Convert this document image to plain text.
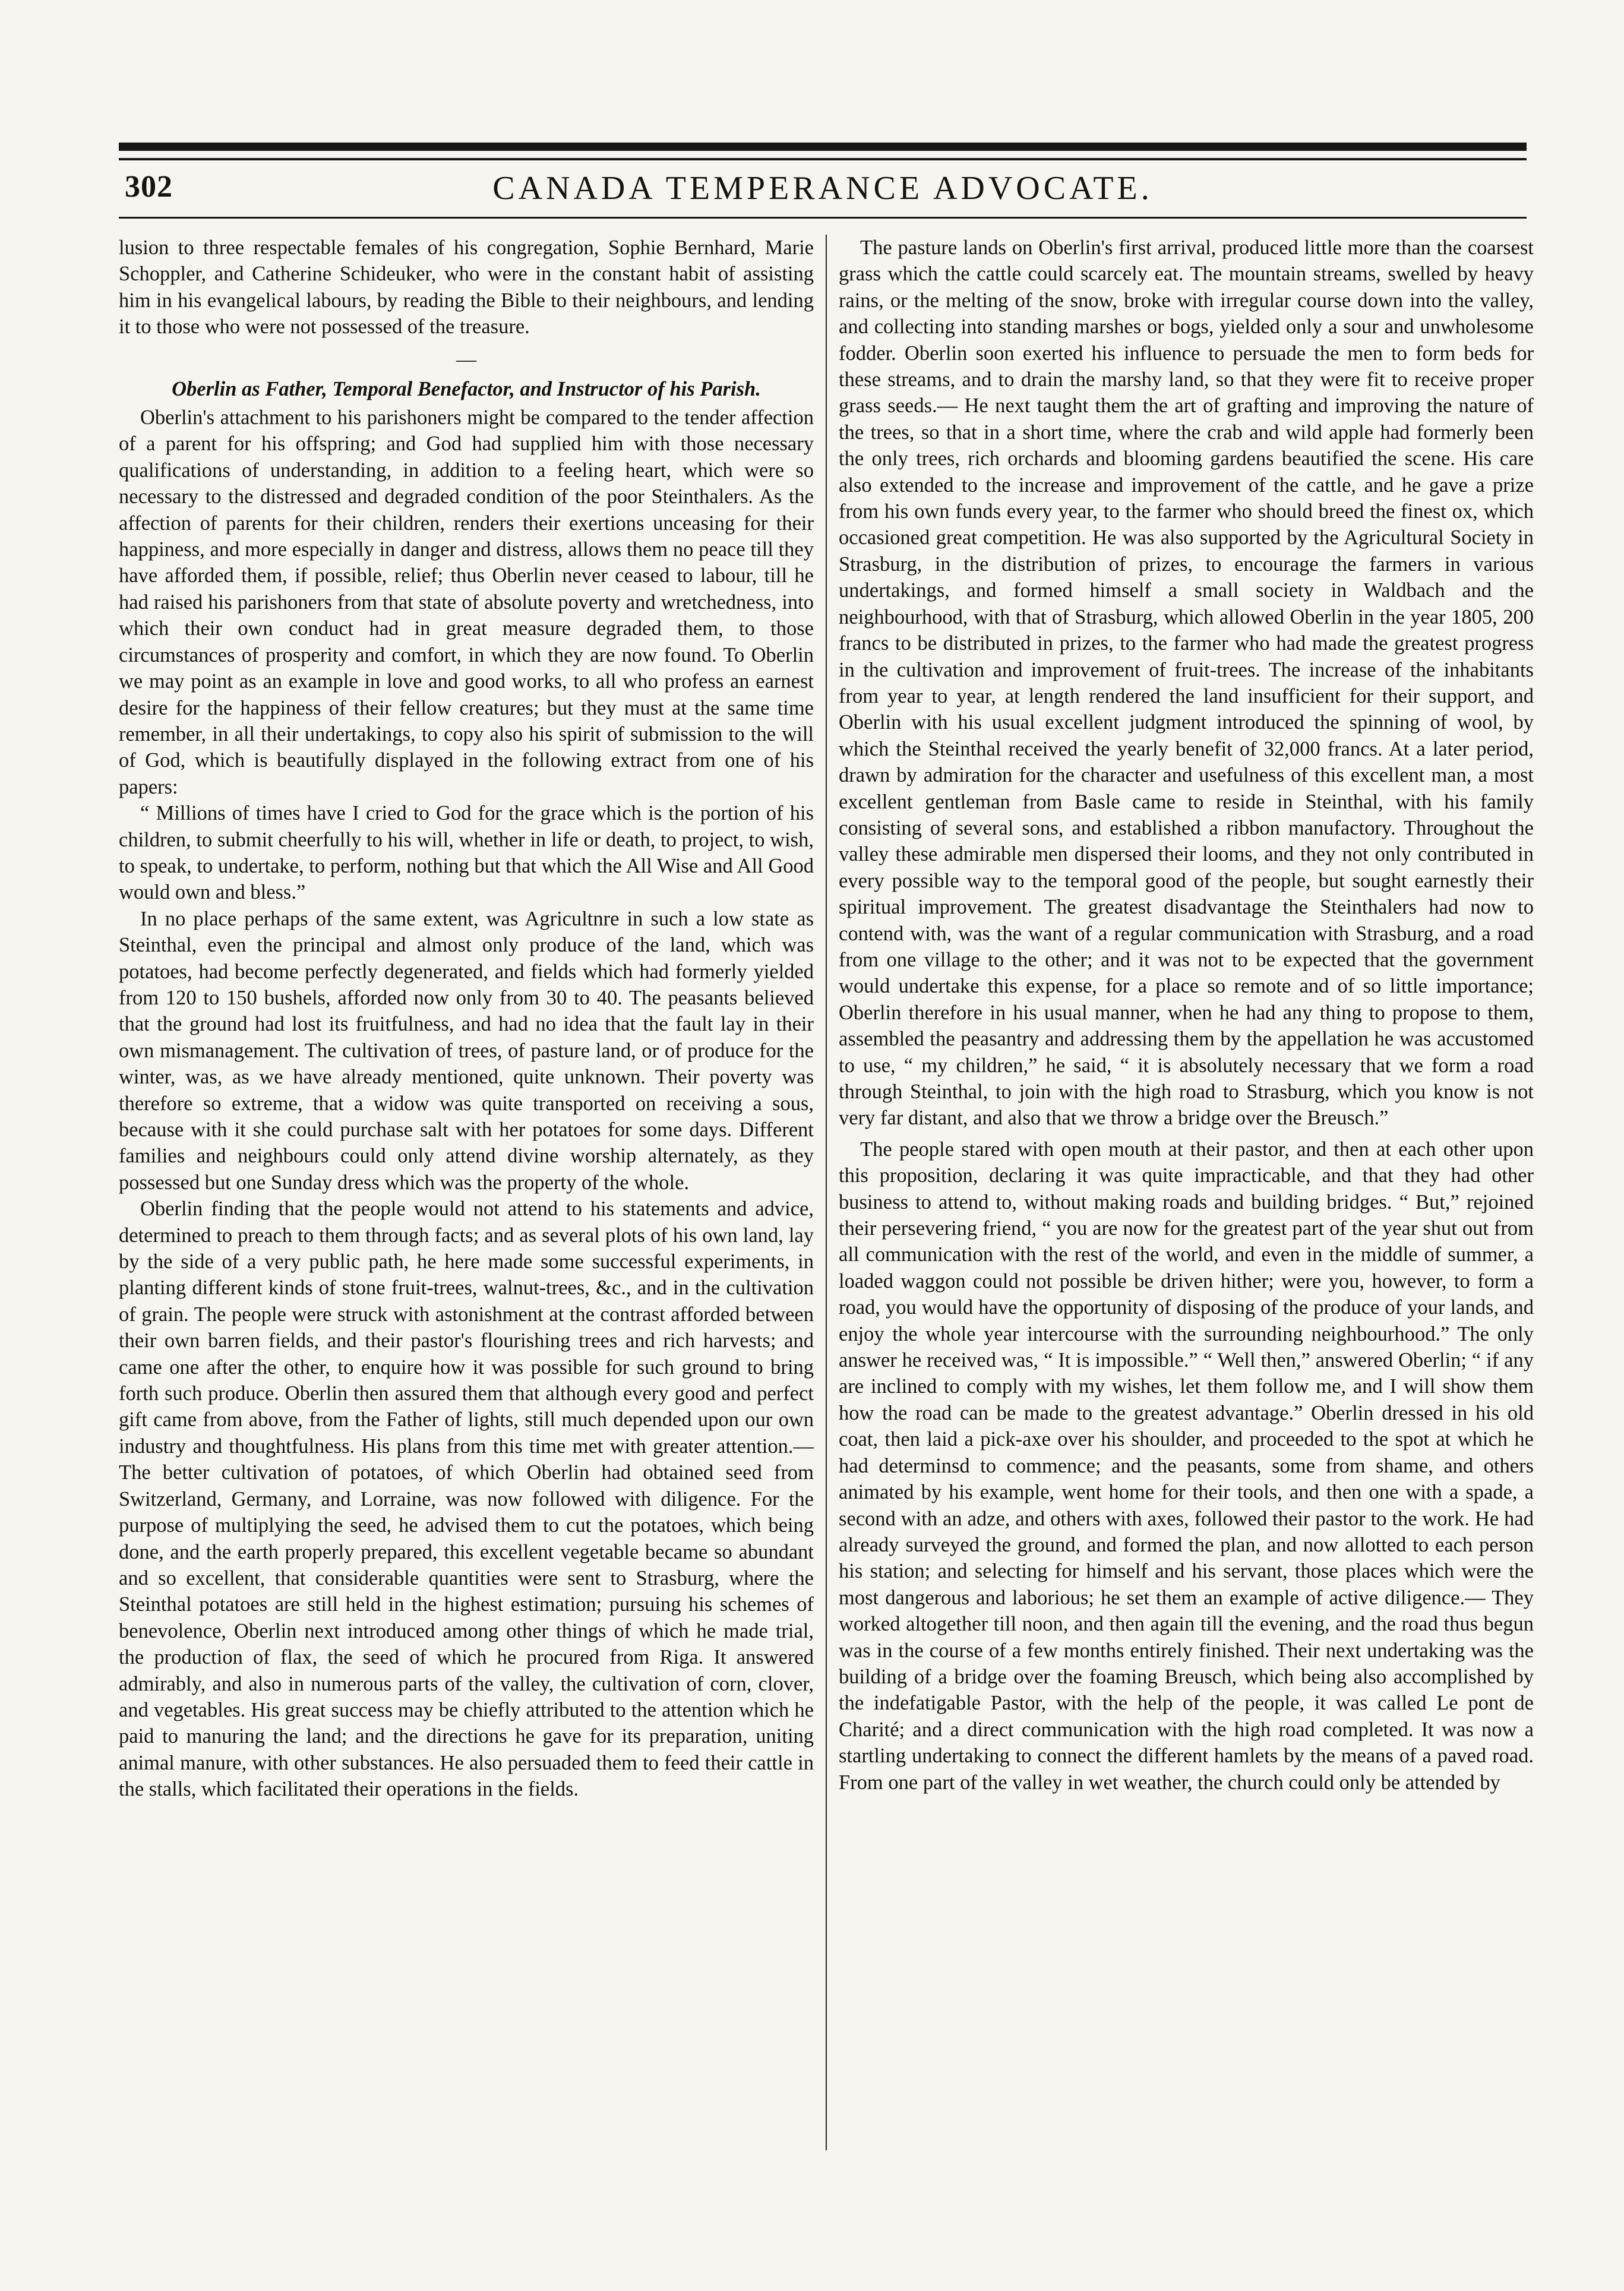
302	CANADA TEMPERANCE ADVOCATE.

lusion to three respectable females of his congregation, Sophie Bernhard, Marie Schoppler, and Catherine Schideuker, who were in the constant habit of assisting him in his evangelical labours, by reading the Bible to their neighbours, and lending it to those who were not possessed of the treasure.

—

Oberlin as Father, Temporal Benefactor, and Instructor of his Parish.

Oberlin's attachment to his parishoners might be compared to the tender affection of a parent for his offspring; and God had supplied him with those necessary qualifications of understanding, in addition to a feeling heart, which were so necessary to the distressed and degraded condition of the poor Steinthalers. As the affection of parents for their children, renders their exertions unceasing for their happiness, and more especially in danger and distress, allows them no peace till they have afforded them, if possible, relief; thus Oberlin never ceased to labour, till he had raised his parishoners from that state of absolute poverty and wretchedness, into which their own conduct had in great measure degraded them, to those circumstances of prosperity and comfort, in which they are now found. To Oberlin we may point as an example in love and good works, to all who profess an earnest desire for the happiness of their fellow creatures; but they must at the same time remember, in all their undertakings, to copy also his spirit of submission to the will of God, which is beautifully displayed in the following extract from one of his papers:

“ Millions of times have I cried to God for the grace which is the portion of his children, to submit cheerfully to his will, whether in life or death, to project, to wish, to speak, to undertake, to perform, nothing but that which the All Wise and All Good would own and bless.”

In no place perhaps of the same extent, was Agricultnre in such a low state as Steinthal, even the principal and almost only produce of the land, which was potatoes, had become perfectly degenerated, and fields which had formerly yielded from 120 to 150 bushels, afforded now only from 30 to 40. The peasants believed that the ground had lost its fruitfulness, and had no idea that the fault lay in their own mismanagement. The cultivation of trees, of pasture land, or of produce for the winter, was, as we have already mentioned, quite unknown. Their poverty was therefore so extreme, that a widow was quite transported on receiving a sous, because with it she could purchase salt with her potatoes for some days. Different families and neighbours could only attend divine worship alternately, as they possessed but one Sunday dress which was the property of the whole.

Oberlin finding that the people would not attend to his statements and advice, determined to preach to them through facts; and as several plots of his own land, lay by the side of a very public path, he here made some successful experiments, in planting different kinds of stone fruit-trees, walnut-trees, &c., and in the cultivation of grain. The people were struck with astonishment at the contrast afforded between their own barren fields, and their pastor's flourishing trees and rich harvests; and came one after the other, to enquire how it was possible for such ground to bring forth such produce. Oberlin then assured them that although every good and perfect gift came from above, from the Father of lights, still much depended upon our own industry and thoughtfulness. His plans from this time met with greater attention.— The better cultivation of potatoes, of which Oberlin had obtained seed from Switzerland, Germany, and Lorraine, was now followed with diligence. For the purpose of multiplying the seed, he advised them to cut the potatoes, which being done, and the earth properly prepared, this excellent vegetable became so abundant and so excellent, that considerable quantities were sent to Strasburg, where the Steinthal potatoes are still held in the highest estimation; pursuing his schemes of benevolence, Oberlin next introduced among other things of which he made trial, the production of flax, the seed of which he procured from Riga. It answered admirably, and also in numerous parts of the valley, the cultivation of corn, clover, and vegetables. His great success may be chiefly attributed to the attention which he paid to manuring the land; and the directions he gave for its preparation, uniting animal manure, with other substances. He also persuaded them to feed their cattle in the stalls, which facilitated their operations in the fields.

The pasture lands on Oberlin's first arrival, produced little more than the coarsest grass which the cattle could scarcely eat. The mountain streams, swelled by heavy rains, or the melting of the snow, broke with irregular course down into the valley, and collecting into standing marshes or bogs, yielded only a sour and unwholesome fodder. Oberlin soon exerted his influence to persuade the men to form beds for these streams, and to drain the marshy land, so that they were fit to receive proper grass seeds.— He next taught them the art of grafting and improving the nature of the trees, so that in a short time, where the crab and wild apple had formerly been the only trees, rich orchards and blooming gardens beautified the scene. His care also extended to the increase and improvement of the cattle, and he gave a prize from his own funds every year, to the farmer who should breed the finest ox, which occasioned great competition. He was also supported by the Agricultural Society in Strasburg, in the distribution of prizes, to encourage the farmers in various undertakings, and formed himself a small society in Waldbach and the neighbourhood, with that of Strasburg, which allowed Oberlin in the year 1805, 200 francs to be distributed in prizes, to the farmer who had made the greatest progress in the cultivation and improvement of fruit-trees. The increase of the inhabitants from year to year, at length rendered the land insufficient for their support, and Oberlin with his usual excellent judgment introduced the spinning of wool, by which the Steinthal received the yearly benefit of 32,000 francs. At a later period, drawn by admiration for the character and usefulness of this excellent man, a most excellent gentleman from Basle came to reside in Steinthal, with his family consisting of several sons, and established a ribbon manufactory. Throughout the valley these admirable men dispersed their looms, and they not only contributed in every possible way to the temporal good of the people, but sought earnestly their spiritual improvement. The greatest disadvantage the Steinthalers had now to contend with, was the want of a regular communication with Strasburg, and a road from one village to the other; and it was not to be expected that the government would undertake this expense, for a place so remote and of so little importance; Oberlin therefore in his usual manner, when he had any thing to propose to them, assembled the peasantry and addressing them by the appellation he was accustomed to use, “ my children,” he said, “ it is absolutely necessary that we form a road through Steinthal, to join with the high road to Strasburg, which you know is not very far distant, and also that we throw a bridge over the Breusch.”

The people stared with open mouth at their pastor, and then at each other upon this proposition, declaring it was quite impracticable, and that they had other business to attend to, without making roads and building bridges. “ But,” rejoined their persevering friend, “ you are now for the greatest part of the year shut out from all communication with the rest of the world, and even in the middle of summer, a loaded waggon could not possible be driven hither; were you, however, to form a road, you would have the opportunity of disposing of the produce of your lands, and enjoy the whole year intercourse with the surrounding neighbourhood.” The only answer he received was, “ It is impossible.” “ Well then,” answered Oberlin; “ if any are inclined to comply with my wishes, let them follow me, and I will show them how the road can be made to the greatest advantage.” Oberlin dressed in his old coat, then laid a pick-axe over his shoulder, and proceeded to the spot at which he had determinsd to commence; and the peasants, some from shame, and others animated by his example, went home for their tools, and then one with a spade, a second with an adze, and others with axes, followed their pastor to the work. He had already surveyed the ground, and formed the plan, and now allotted to each person his station; and selecting for himself and his servant, those places which were the most dangerous and laborious; he set them an example of active diligence.— They worked altogether till noon, and then again till the evening, and the road thus begun was in the course of a few months entirely finished. Their next undertaking was the building of a bridge over the foaming Breusch, which being also accomplished by the indefatigable Pastor, with the help of the people, it was called Le pont de Charité; and a direct communication with the high road completed. It was now a startling undertaking to connect the different hamlets by the means of a paved road. From one part of the valley in wet weather, the church could only be attended by
